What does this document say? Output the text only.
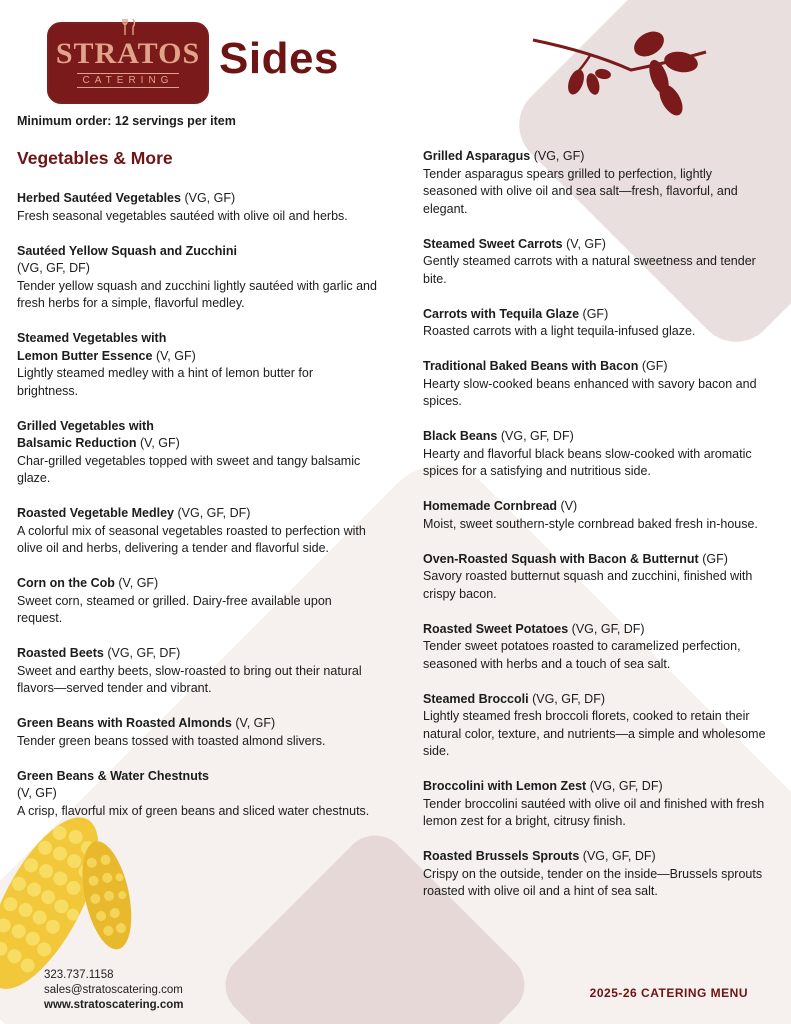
STRATOS
CATERING Sides
Minimum order: 12 servings per item
Vegetables & More
Herbed Sautéed Vegetables (VG, GF)
Fresh seasonal vegetables sautéed with olive oil and herbs.
Sautéed Yellow Squash and Zucchini
(VG, GF, DF)
Tender yellow squash and zucchini lightly sautéed with garlic and fresh herbs for a simple, flavorful medley.
Steamed Vegetables with Lemon Butter Essence (V, GF)
Lightly steamed medley with a hint of lemon butter for brightness.
Grilled Vegetables with Balsamic Reduction (V, GF)
Char-grilled vegetables topped with sweet and tangy balsamic glaze.
Roasted Vegetable Medley (VG, GF, DF)
A colorful mix of seasonal vegetables roasted to perfection with olive oil and herbs, delivering a tender and flavorful side.
Corn on the Cob (V, GF)
Sweet corn, steamed or grilled. Dairy-free available upon request.
Roasted Beets (VG, GF, DF)
Sweet and earthy beets, slow-roasted to bring out their natural flavors—served tender and vibrant.
Green Beans with Roasted Almonds (V, GF)
Tender green beans tossed with toasted almond slivers.
Green Beans & Water Chestnuts
(V, GF)
A crisp, flavorful mix of green beans and sliced water chestnuts.
Grilled Asparagus (VG, GF)
Tender asparagus spears grilled to perfection, lightly seasoned with olive oil and sea salt—fresh, flavorful, and elegant.
Steamed Sweet Carrots (V, GF)
Gently steamed carrots with a natural sweetness and tender bite.
Carrots with Tequila Glaze (GF)
Roasted carrots with a light tequila-infused glaze.
Traditional Baked Beans with Bacon (GF)
Hearty slow-cooked beans enhanced with savory bacon and spices.
Black Beans (VG, GF, DF)
Hearty and flavorful black beans slow-cooked with aromatic spices for a satisfying and nutritious side.
Homemade Cornbread (V)
Moist, sweet southern-style cornbread baked fresh in-house.
Oven-Roasted Squash with Bacon & Butternut (GF)
Savory roasted butternut squash and zucchini, finished with crispy bacon.
Roasted Sweet Potatoes (VG, GF, DF)
Tender sweet potatoes roasted to caramelized perfection, seasoned with herbs and a touch of sea salt.
Steamed Broccoli (VG, GF, DF)
Lightly steamed fresh broccoli florets, cooked to retain their natural color, texture, and nutrients—a simple and wholesome side.
Broccolini with Lemon Zest (VG, GF, DF)
Tender broccolini sautéed with olive oil and finished with fresh lemon zest for a bright, citrusy finish.
Roasted Brussels Sprouts (VG, GF, DF)
Crispy on the outside, tender on the inside—Brussels sprouts roasted with olive oil and a hint of sea salt.
323.737.1158
sales@stratoscatering.com
www.stratoscatering.com
2025-26 CATERING MENU
